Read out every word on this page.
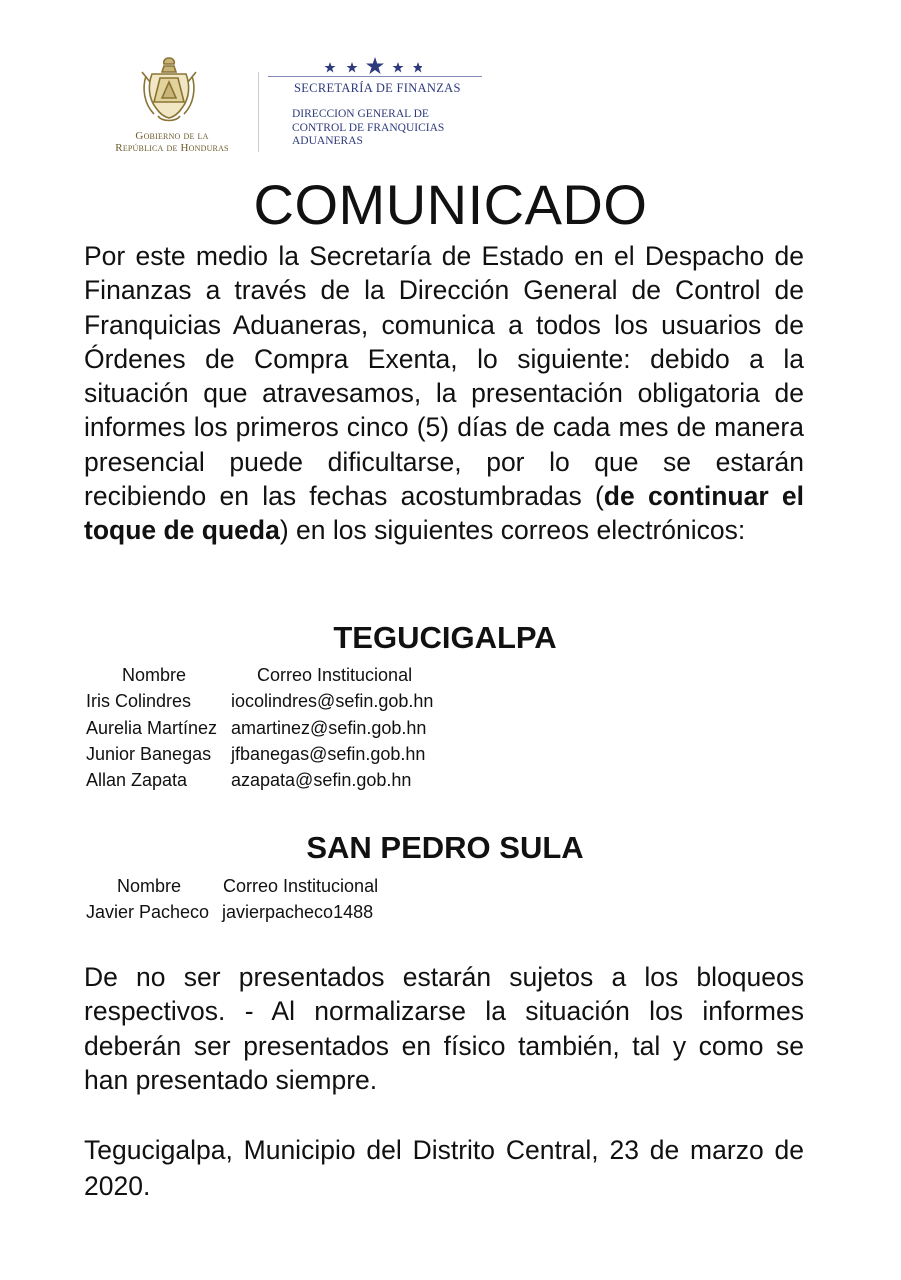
Gobierno de la
República de Honduras
SECRETARÍA DE FINANZAS
DIRECCION GENERAL DE
CONTROL DE FRANQUICIAS
ADUANERAS
COMUNICADO
Por este medio la Secretaría de Estado en el Despacho de Finanzas a través de la Dirección General de Control de Franquicias Aduaneras, comunica a todos los usuarios de Órdenes de Compra Exenta, lo siguiente: debido a la situación que atravesamos, la presentación obligatoria de informes los primeros cinco (5) días de cada mes de manera presencial puede dificultarse, por lo que se estarán recibiendo en las fechas acostumbradas (de continuar el toque de queda) en los siguientes correos electrónicos:
TEGUCIGALPA
Nombre	Correo Institucional
Iris Colindres iocolindres@sefin.gob.hn
Aurelia Martínez amartinez@sefin.gob.hn
Junior Banegas jfbanegas@sefin.gob.hn
Allan Zapata azapata@sefin.gob.hn
SAN PEDRO SULA
Nombre Correo Institucional
Javier Pacheco javierpacheco1488
De no ser presentados estarán sujetos a los bloqueos respectivos. - Al normalizarse la situación los informes deberán ser presentados en físico también, tal y como se han presentado siempre.
Tegucigalpa, Municipio del Distrito Central, 23 de marzo de 2020.
